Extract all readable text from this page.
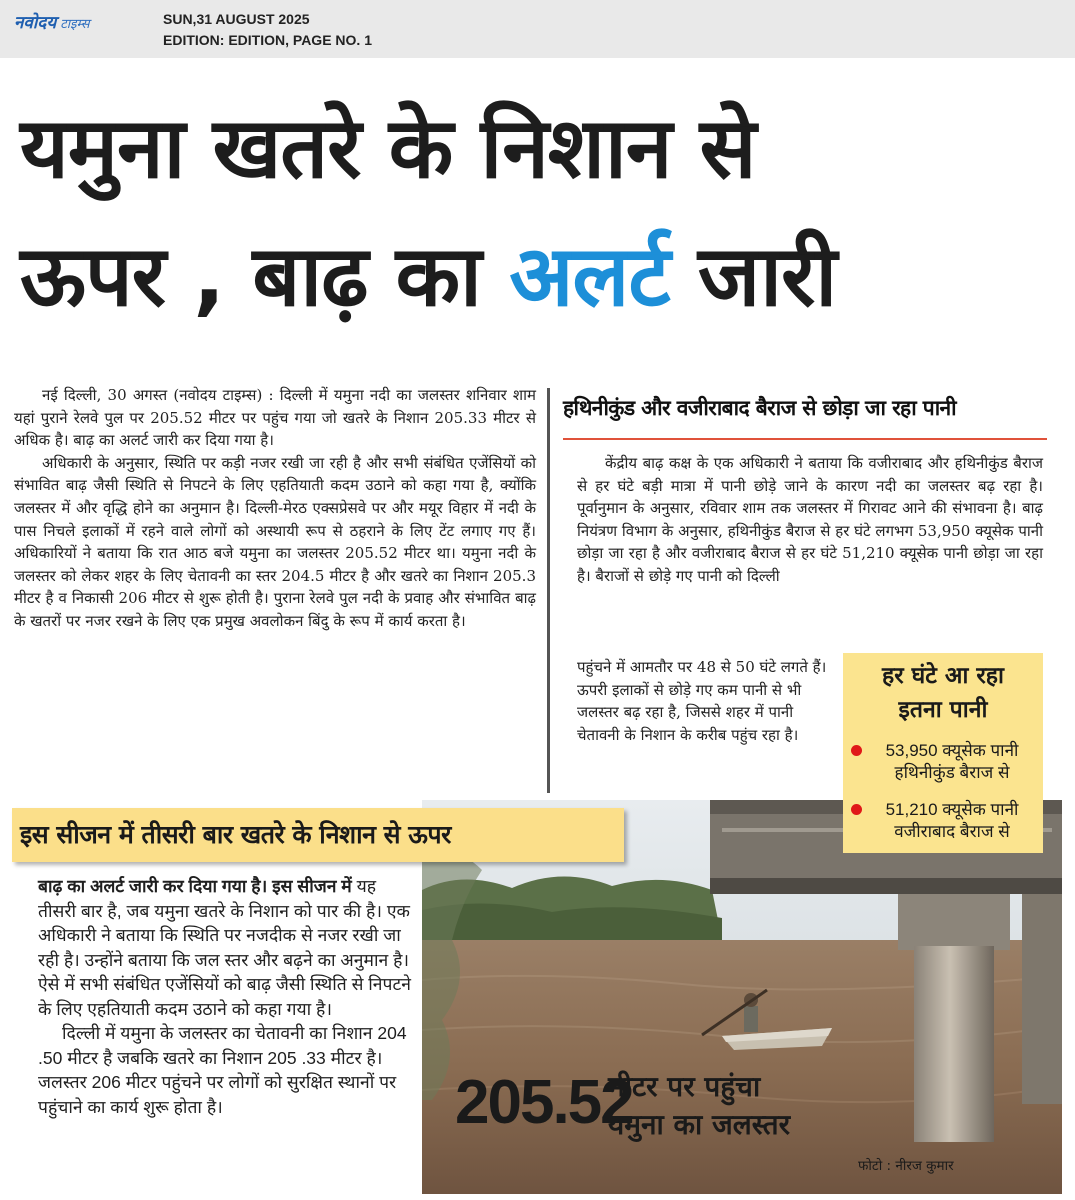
नवोदय टाइम्स	SUN,31 AUGUST 2025
EDITION: EDITION, PAGE NO. 1
यमुना खतरे के निशान से
ऊपर , बाढ़ का अलर्ट जारी

नई दिल्ली, 30 अगस्त (नवोदय टाइम्स) : दिल्ली में यमुना नदी का जलस्तर शनिवार शाम यहां पुराने रेलवे पुल पर 205.52 मीटर पर पहुंच गया जो खतरे के निशान 205.33 मीटर से अधिक है। बाढ़ का अलर्ट जारी कर दिया गया है।

अधिकारी के अनुसार, स्थिति पर कड़ी नजर रखी जा रही है और सभी संबंधित एजेंसियों को संभावित बाढ़ जैसी स्थिति से निपटने के लिए एहतियाती कदम उठाने को कहा गया है, क्योंकि जलस्तर में और वृद्धि होने का अनुमान है। दिल्ली-मेरठ एक्सप्रेसवे पर और मयूर विहार में नदी के पास निचले इलाकों में रहने वाले लोगों को अस्थायी रूप से ठहराने के लिए टेंट लगाए गए हैं। अधिकारियों ने बताया कि रात आठ बजे यमुना का जलस्तर 205.52 मीटर था। यमुना नदी के जलस्तर को लेकर शहर के लिए चेतावनी का स्तर 204.5 मीटर है और खतरे का निशान 205.3 मीटर है व निकासी 206 मीटर से शुरू होती है। पुराना रेलवे पुल नदी के प्रवाह और संभावित बाढ़ के खतरों पर नजर रखने के लिए एक प्रमुख अवलोकन बिंदु के रूप में कार्य करता है।

हथिनीकुंड और वजीराबाद बैराज से छोड़ा जा रहा पानी

केंद्रीय बाढ़ कक्ष के एक अधिकारी ने बताया कि वजीराबाद और हथिनीकुंड बैराज से हर घंटे बड़ी मात्रा में पानी छोड़े जाने के कारण नदी का जलस्तर बढ़ रहा है। पूर्वानुमान के अनुसार, रविवार शाम तक जलस्तर में गिरावट आने की संभावना है। बाढ़ नियंत्रण विभाग के अनुसार, हथिनीकुंड बैराज से हर घंटे लगभग 53,950 क्यूसेक पानी छोड़ा जा रहा है और वजीराबाद बैराज से हर घंटे 51,210 क्यूसेक पानी छोड़ा जा रहा है। बैराजों से छोड़े गए पानी को दिल्ली

पहुंचने में आमतौर पर 48 से 50 घंटे लगते हैं। ऊपरी इलाकों से छोड़े गए कम पानी से भी जलस्तर बढ़ रहा है, जिससे शहर में पानी चेतावनी के निशान के करीब पहुंच रहा है।

हर घंटे आ रहा
इतना पानी
53,950 क्यूसेक पानी
हथिनीकुंड बैराज से
51,210 क्यूसेक पानी
वजीराबाद बैराज से
इस सीजन में तीसरी बार खतरे के निशान से ऊपर

बाढ़ का अलर्ट जारी कर दिया गया है। इस सीजन में यह तीसरी बार है, जब यमुना खतरे के निशान को पार की है। एक अधिकारी ने बताया कि स्थिति पर नजदीक से नजर रखी जा रही है। उन्होंने बताया कि जल स्तर और बढ़ने का अनुमान है। ऐसे में सभी संबंधित एजेंसियों को बाढ़ जैसी स्थिति से निपटने के लिए एहतियाती कदम उठाने को कहा गया है।

दिल्ली में यमुना के जलस्तर का चेतावनी का निशान 204 .50 मीटर है जबकि खतरे का निशान 205 .33 मीटर है। जलस्तर 206 मीटर पहुंचने पर लोगों को सुरक्षित स्थानों पर पहुंचाने का कार्य शुरू होता है।	205.52
मीटर पर पहुंचा
यमुना का जलस्तर
फोटो : नीरज कुमार
